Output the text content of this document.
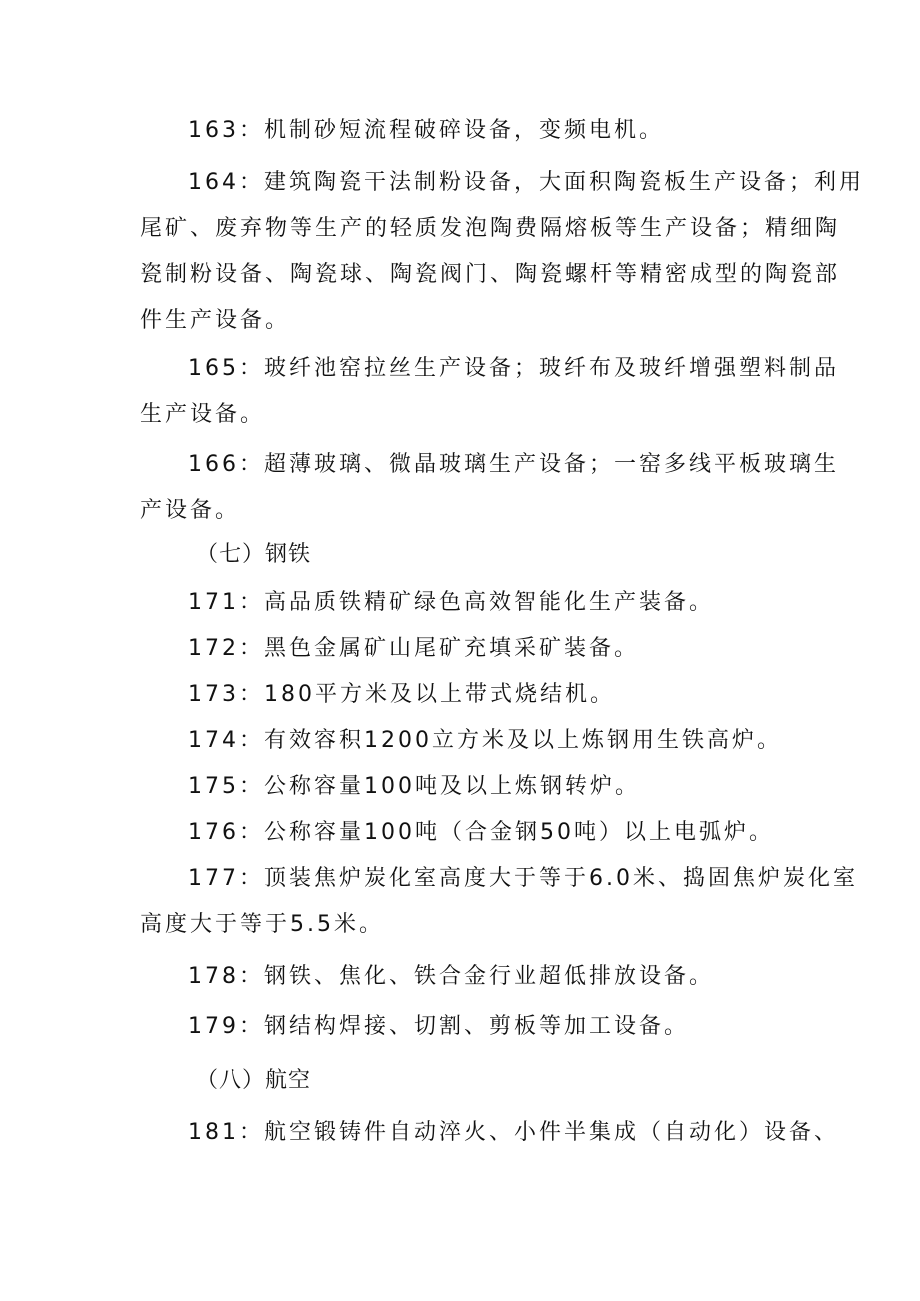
163：机制砂短流程破碎设备，变频电机。

164：建筑陶瓷干法制粉设备，大面积陶瓷板生产设备；利用

尾矿、废弃物等生产的轻质发泡陶费隔熔板等生产设备；精细陶

瓷制粉设备、陶瓷球、陶瓷阀门、陶瓷螺杆等精密成型的陶瓷部

件生产设备。

165：玻纤池窑拉丝生产设备；玻纤布及玻纤增强塑料制品

生产设备。

166：超薄玻璃、微晶玻璃生产设备；一窑多线平板玻璃生

产设备。

（七）钢铁

171：高品质铁精矿绿色高效智能化生产装备。

172：黑色金属矿山尾矿充填采矿装备。

173：180平方米及以上带式烧结机。

174：有效容积1200立方米及以上炼钢用生铁高炉。

175：公称容量100吨及以上炼钢转炉。

176：公称容量100吨（合金钢50吨）以上电弧炉。

177：顶装焦炉炭化室高度大于等于6.0米、捣固焦炉炭化室

高度大于等于5.5米。

178：钢铁、焦化、铁合金行业超低排放设备。

179：钢结构焊接、切割、剪板等加工设备。

（八）航空

181：航空锻铸件自动淬火、小件半集成（自动化）设备、
